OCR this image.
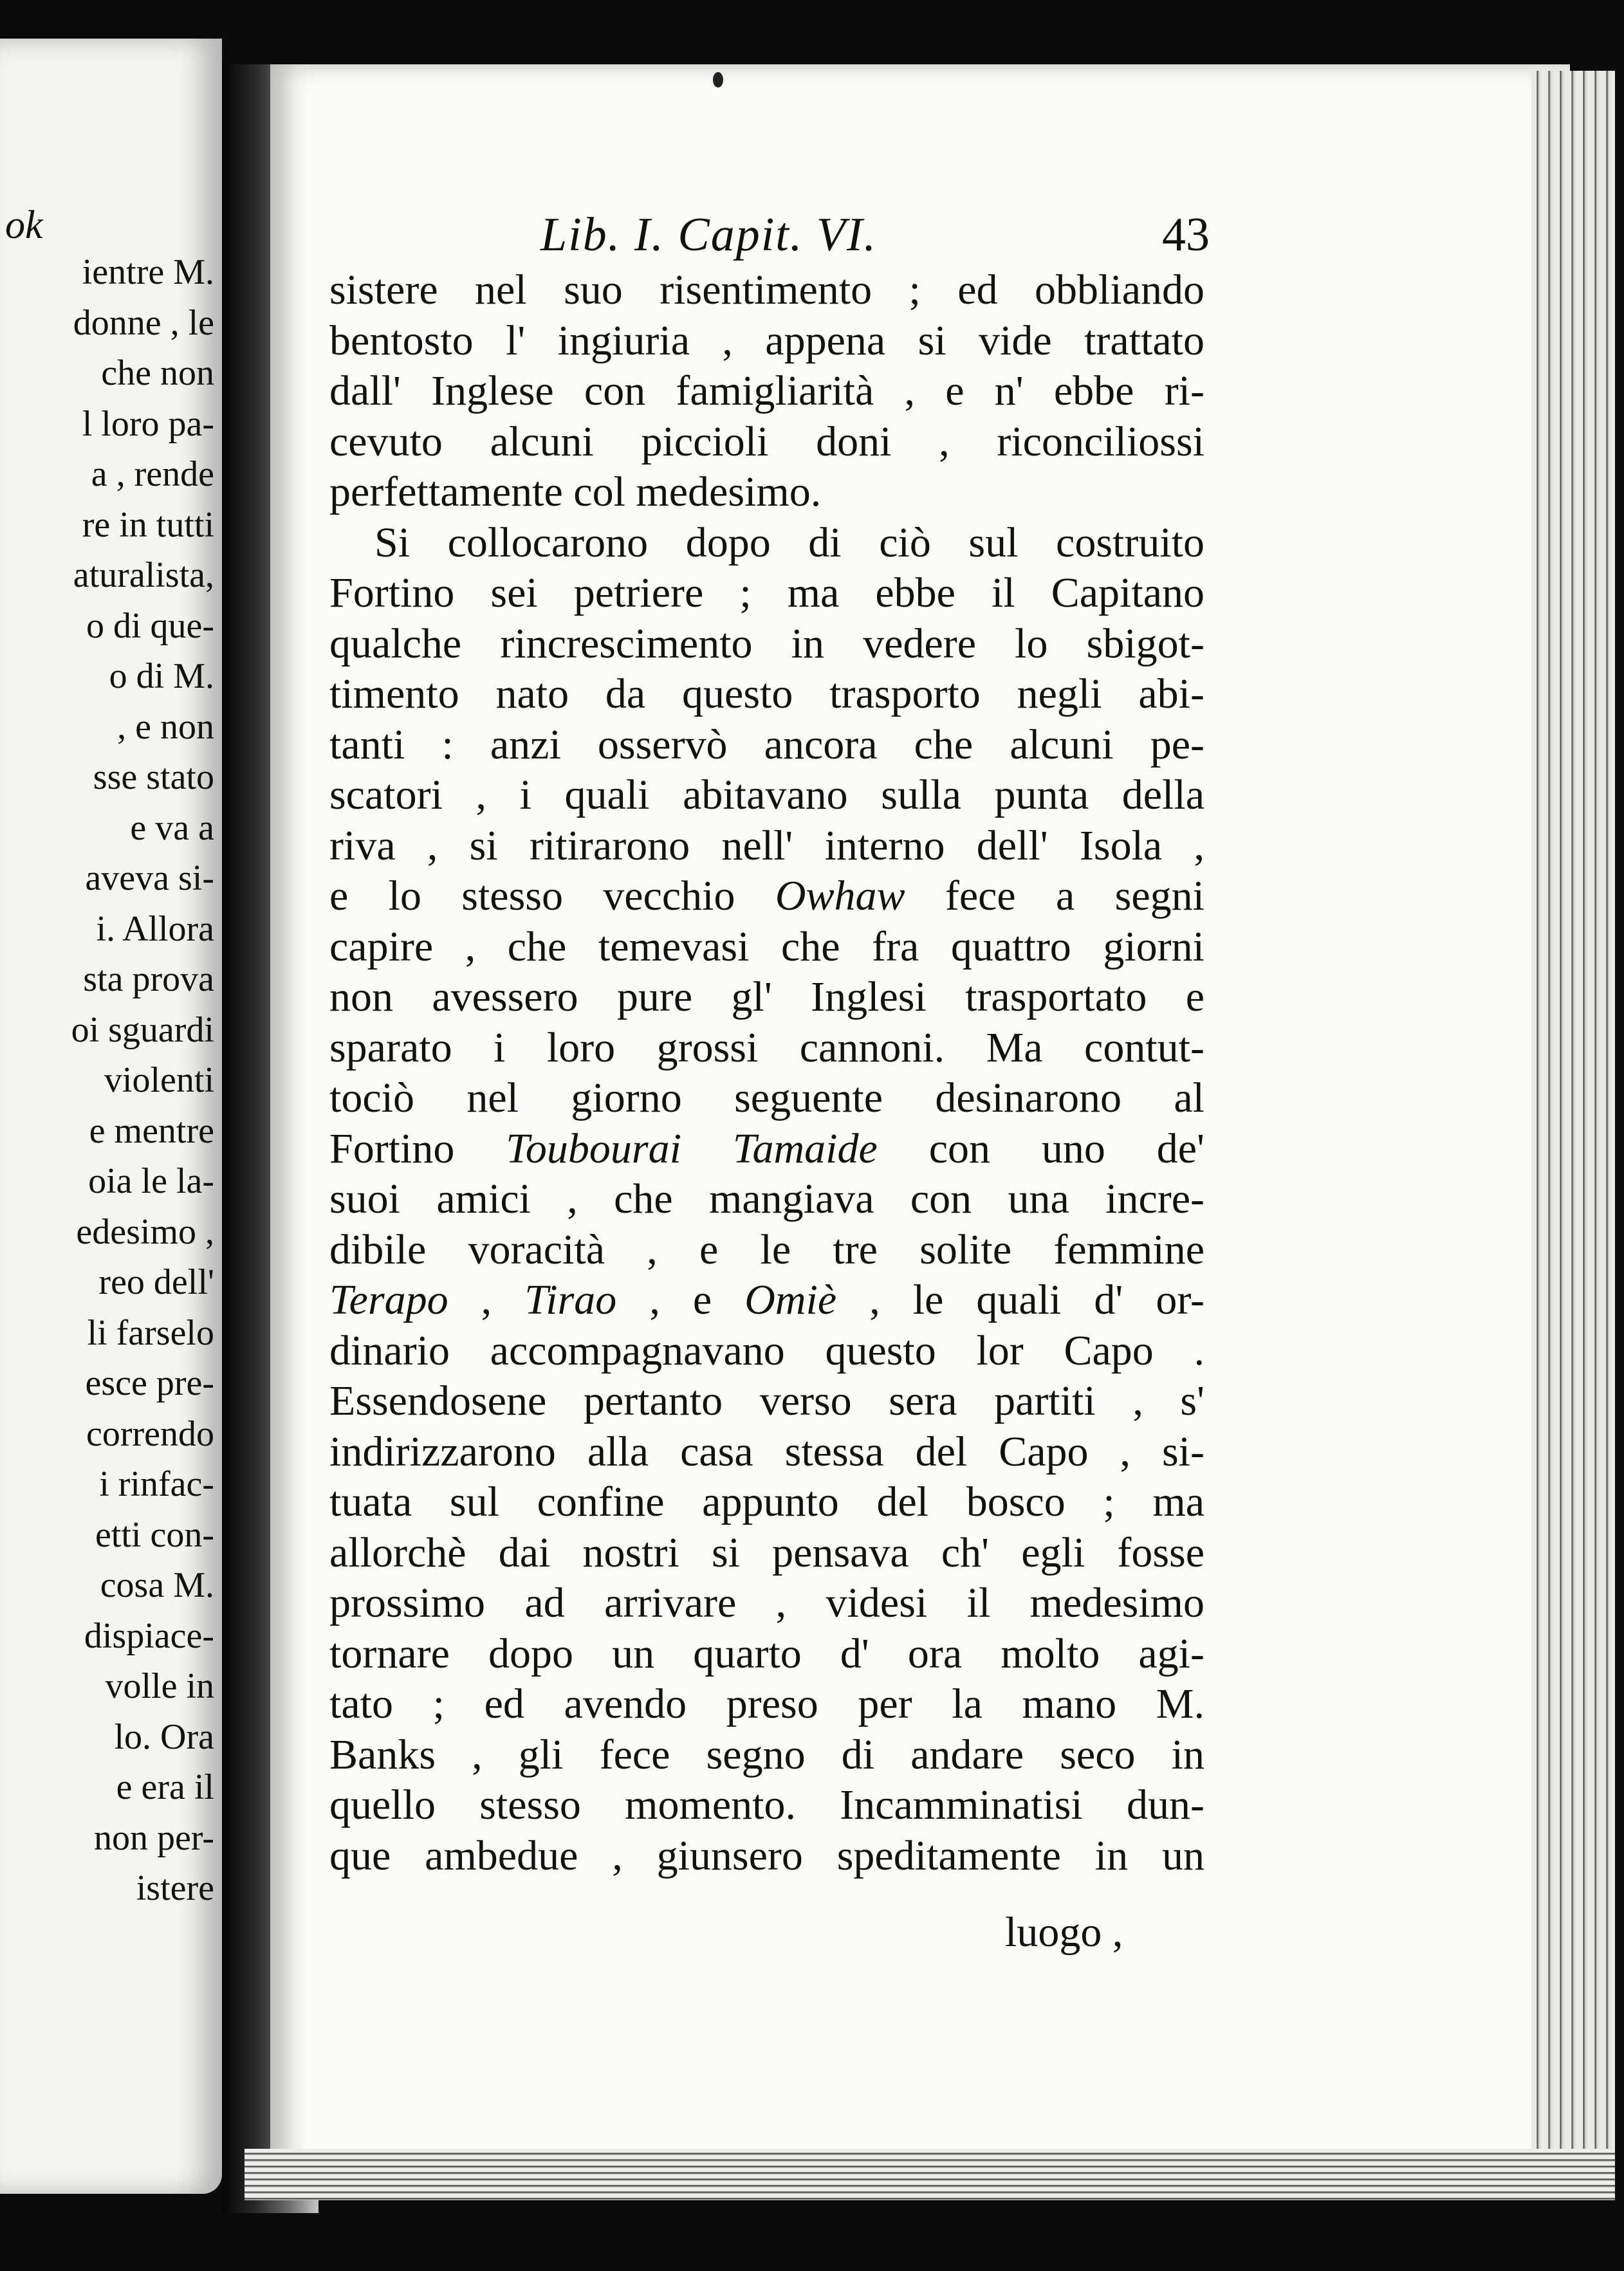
ok
ientre M.
donne , le
che non
l loro pa-
a , rende
re in tutti
aturalista,
o di que-
o di M.
, e non
sse stato
e va a
aveva si-
i. Allora
sta prova
oi sguardi
violenti
e mentre
oia le la-
edesimo ,
reo dell'
li farselo
esce pre-
correndo
i rinfac-
etti con-
cosa M.
dispiace-
volle in
lo. Ora
e era il
non per-
istere
Lib. I. Capit. VI.	43
sistere nel suo risentimento ; ed obbliando
bentosto l' ingiuria , appena si vide trattato
dall' Inglese con famigliarità , e n' ebbe ri-
cevuto alcuni piccioli doni , riconciliossi
perfettamente col medesimo.
Si collocarono dopo di ciò sul costruito
Fortino sei petriere ; ma ebbe il Capitano
qualche rincrescimento in vedere lo sbigot-
timento nato da questo trasporto negli abi-
tanti : anzi osservò ancora che alcuni pe-
scatori , i quali abitavano sulla punta della
riva , si ritirarono nell' interno dell' Isola ,
e lo stesso vecchio Owhaw fece a segni
capire , che temevasi che fra quattro giorni
non avessero pure gl' Inglesi trasportato e
sparato i loro grossi cannoni. Ma contut-
tociò nel giorno seguente desinarono al
Fortino Toubourai Tamaide con uno de'
suoi amici , che mangiava con una incre-
dibile voracità , e le tre solite femmine
Terapo , Tirao , e Omiè , le quali d' or-
dinario accompagnavano questo lor Capo .
Essendosene pertanto verso sera partiti , s'
indirizzarono alla casa stessa del Capo , si-
tuata sul confine appunto del bosco ; ma
allorchè dai nostri si pensava ch' egli fosse
prossimo ad arrivare , videsi il medesimo
tornare dopo un quarto d' ora molto agi-
tato ; ed avendo preso per la mano M.
Banks , gli fece segno di andare seco in
quello stesso momento. Incamminatisi dun-
que ambedue , giunsero speditamente in un
luogo ,
